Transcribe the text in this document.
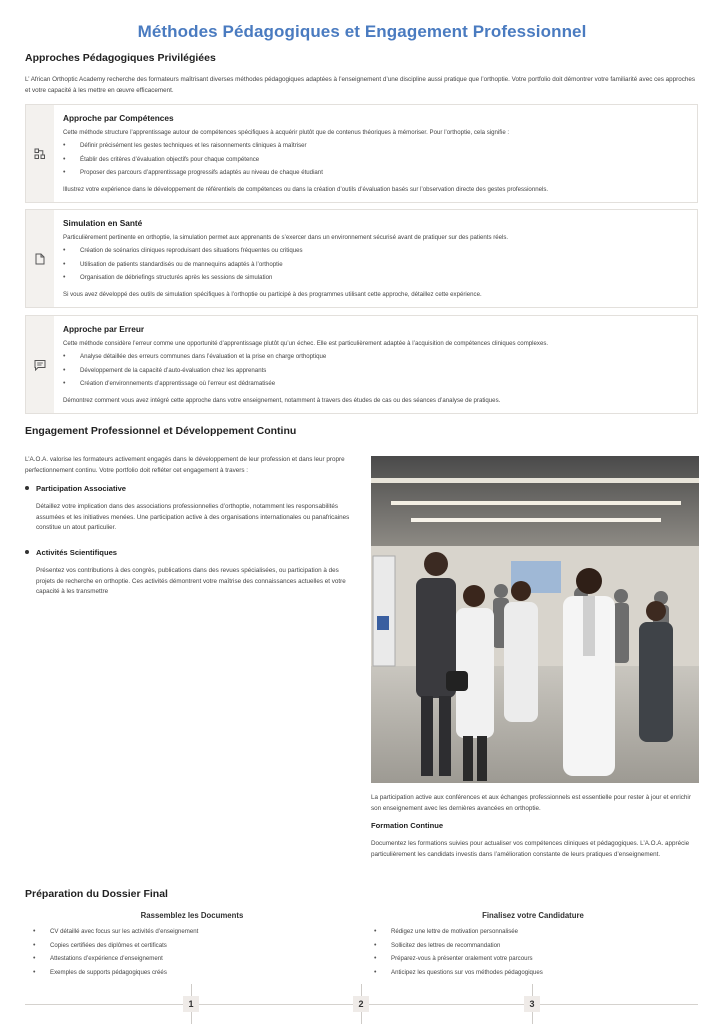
Méthodes Pédagogiques et Engagement Professionnel
Approches Pédagogiques Privilégiées
L’ African Orthoptic Academy recherche des formateurs maîtrisant diverses méthodes pédagogiques adaptées à l’enseignement d’une discipline aussi pratique que l’orthoptie. Votre portfolio doit démontrer votre familiarité avec ces approches et votre capacité à les mettre en œuvre efficacement.
Approche par Compétences
Cette méthode structure l’apprentissage autour de compétences spécifiques à acquérir plutôt que de contenus théoriques à mémoriser. Pour l’orthoptie, cela signifie :
• Définir précisément les gestes techniques et les raisonnements cliniques à maîtriser
• Établir des critères d’évaluation objectifs pour chaque compétence
• Proposer des parcours d’apprentissage progressifs adaptés au niveau de chaque étudiant
Illustrez votre expérience dans le développement de référentiels de compétences ou dans la création d’outils d’évaluation basés sur l’observation directe des gestes professionnels.
Simulation en Santé
Particulièrement pertinente en orthoptie, la simulation permet aux apprenants de s’exercer dans un environnement sécurisé avant de pratiquer sur des patients réels.
• Création de scénarios cliniques reproduisant des situations fréquentes ou critiques
• Utilisation de patients standardisés ou de mannequins adaptés à l’orthoptie
• Organisation de débriefings structurés après les sessions de simulation
Si vous avez développé des outils de simulation spécifiques à l’orthoptie ou participé à des programmes utilisant cette approche, détaillez cette expérience.
Approche par Erreur
Cette méthode considère l’erreur comme une opportunité d’apprentissage plutôt qu’un échec. Elle est particulièrement adaptée à l’acquisition de compétences cliniques complexes.
• Analyse détaillée des erreurs communes dans l’évaluation et la prise en charge orthoptique
• Développement de la capacité d’auto-évaluation chez les apprenants
• Création d’environnements d’apprentissage où l’erreur est dédramatisée
Démontrez comment vous avez intégré cette approche dans votre enseignement, notamment à travers des études de cas ou des séances d’analyse de pratiques.
Engagement Professionnel et Développement Continu
L’A.O.A. valorise les formateurs activement engagés dans le développement de leur profession et dans leur propre perfectionnement continu. Votre portfolio doit refléter cet engagement à travers :
Participation Associative
Détaillez votre implication dans des associations professionnelles d’orthoptie, notamment les responsabilités assumées et les initiatives menées. Une participation active à des organisations internationales ou panafricaines constitue un atout particulier.
Activités Scientifiques
Présentez vos contributions à des congrès, publications dans des revues spécialisées, ou participation à des projets de recherche en orthoptie. Ces activités démontrent votre maîtrise des connaissances actuelles et votre capacité à les transmettre
La participation active aux conférences et aux échanges professionnels est essentielle pour rester à jour et enrichir son enseignement avec les dernières avancées en orthoptie.
Formation Continue
Documentez les formations suivies pour actualiser vos compétences cliniques et pédagogiques. L’A.O.A. apprécie particulièrement les candidats investis dans l’amélioration constante de leurs pratiques d’enseignement.
Préparation du Dossier Final
Rassemblez les Documents
• CV détaillé avec focus sur les activités d’enseignement
• Copies certifiées des diplômes et certificats
• Attestations d’expérience d’enseignement
• Exemples de supports pédagogiques créés
Finalisez votre Candidature
• Rédigez une lettre de motivation personnalisée
• Sollicitez des lettres de recommandation
• Préparez-vous à présenter oralement votre parcours
• Anticipez les questions sur vos méthodes pédagogiques
1	2	3
